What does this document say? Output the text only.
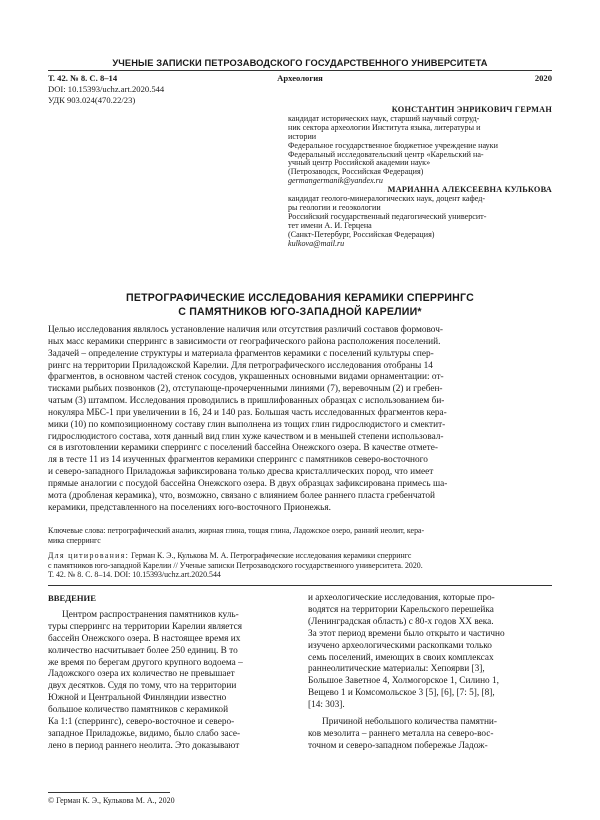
УЧЕНЫЕ ЗАПИСКИ ПЕТРОЗАВОДСКОГО ГОСУДАРСТВЕННОГО УНИВЕРСИТЕТА
Т. 42. № 8. С. 8–14	Археология	2020
DOI: 10.15393/uchz.art.2020.544
УДК 903.024(470.22/23)
КОНСТАНТИН ЭНРИКОВИЧ ГЕРМАН
кандидат исторических наук, старший научный сотруд-
ник сектора археологии Института языка, литературы и
истории
Федеральное государственное бюджетное учреждение науки
Федеральный исследовательский центр «Карельский на-
учный центр Российской академии наук»
(Петрозаводск, Российская Федерация)
germangermanik@yandex.ru
МАРИАННА АЛЕКСЕЕВНА КУЛЬКОВА
кандидат геолого-минералогических наук, доцент кафед-
ры геологии и геоэкологии
Российский государственный педагогический университ-
тет имени А. И. Герцена
(Санкт-Петербург, Российская Федерация)
kulkova@mail.ru
ПЕТРОГРАФИЧЕСКИЕ ИССЛЕДОВАНИЯ КЕРАМИКИ СПЕРРИНГС
С ПАМЯТНИКОВ ЮГО-ЗАПАДНОЙ КАРЕЛИИ*
Целью исследования являлось установление наличия или отсутствия различий составов формовоч-
ных масс керамики сперрингс в зависимости от географического района расположения поселений.
Задачей – определение структуры и материала фрагментов керамики с поселений культуры спер-
рингс на территории Приладожской Карелии. Для петрографического исследования отобраны 14
фрагментов, в основном частей стенок сосудов, украшенных основными видами орнаментации: от-
тисками рыбьих позвонков (2), отступающе-прочерченными линиями (7), веревочным (2) и гребен-
чатым (3) штампом. Исследования проводились в пришлифованных образцах с использованием би-
нокуляра МБС-1 при увеличении в 16, 24 и 140 раз. Большая часть исследованных фрагментов кера-
мики (10) по композиционному составу глин выполнена из тощих глин гидрослюдистого и смектит-
гидрослюдистого состава, хотя данный вид глин хуже качеством и в меньшей степени использовал-
ся в изготовлении керамики сперрингс с поселений бассейна Онежского озера. В качестве отмете-
ля в тесте 11 из 14 изученных фрагментов керамики сперрингс с памятников северо-восточного
и северо-западного Приладожья зафиксирована только дресва кристаллических пород, что имеет
прямые аналогии с посудой бассейна Онежского озера. В двух образцах зафиксирована примесь ша-
мота (дробленая керамика), что, возможно, связано с влиянием более раннего пласта гребенчатой
керамики, представленного на поселениях юго-восточного Прионежья.
Ключевые слова: петрографический анализ, жирная глина, тощая глина, Ладожское озеро, ранний неолит, кера-
мика сперрингс
Для цитирования: Герман К. Э., Кулькова М. А. Петрографические исследования керамики сперрингс
с памятников юго-западной Карелии // Ученые записки Петрозаводского государственного университета. 2020.
Т. 42. № 8. С. 8–14. DOI: 10.15393/uchz.art.2020.544
ВВЕДЕНИЕ
Центром распространения памятников куль-
туры сперрингс на территории Карелии является
бассейн Онежского озера. В настоящее время их
количество насчитывает более 250 единиц. В то
же время по берегам другого крупного водоема –
Ладожского озера их количество не превышает
двух десятков. Судя по тому, что на территории
Южной и Центральной Финляндии известно
большое количество памятников с керамикой
Ка 1:1 (сперрингс), северо-восточное и северо-
западное Приладожье, видимо, было слабо засе-
лено в период раннего неолита. Это доказывают
и археологические исследования, которые про-
водятся на территории Карельского перешейка
(Ленинградская область) с 80-х годов XX века.
За этот период времени было открыто и частично
изучено археологическими раскопками только
семь поселений, имеющих в своих комплексах
раннеолитические материалы: Хепоярви [3],
Большое Заветное 4, Холмогорское 1, Силино 1,
Вещево 1 и Комсомольское 3 [5], [6], [7: 5], [8],
[14: 303].
Причиной небольшого количества памятни-
ков мезолита – раннего металла на северо-вос-
точном и северо-западном побережье Ладож-
© Герман К. Э., Кулькова М. А., 2020
